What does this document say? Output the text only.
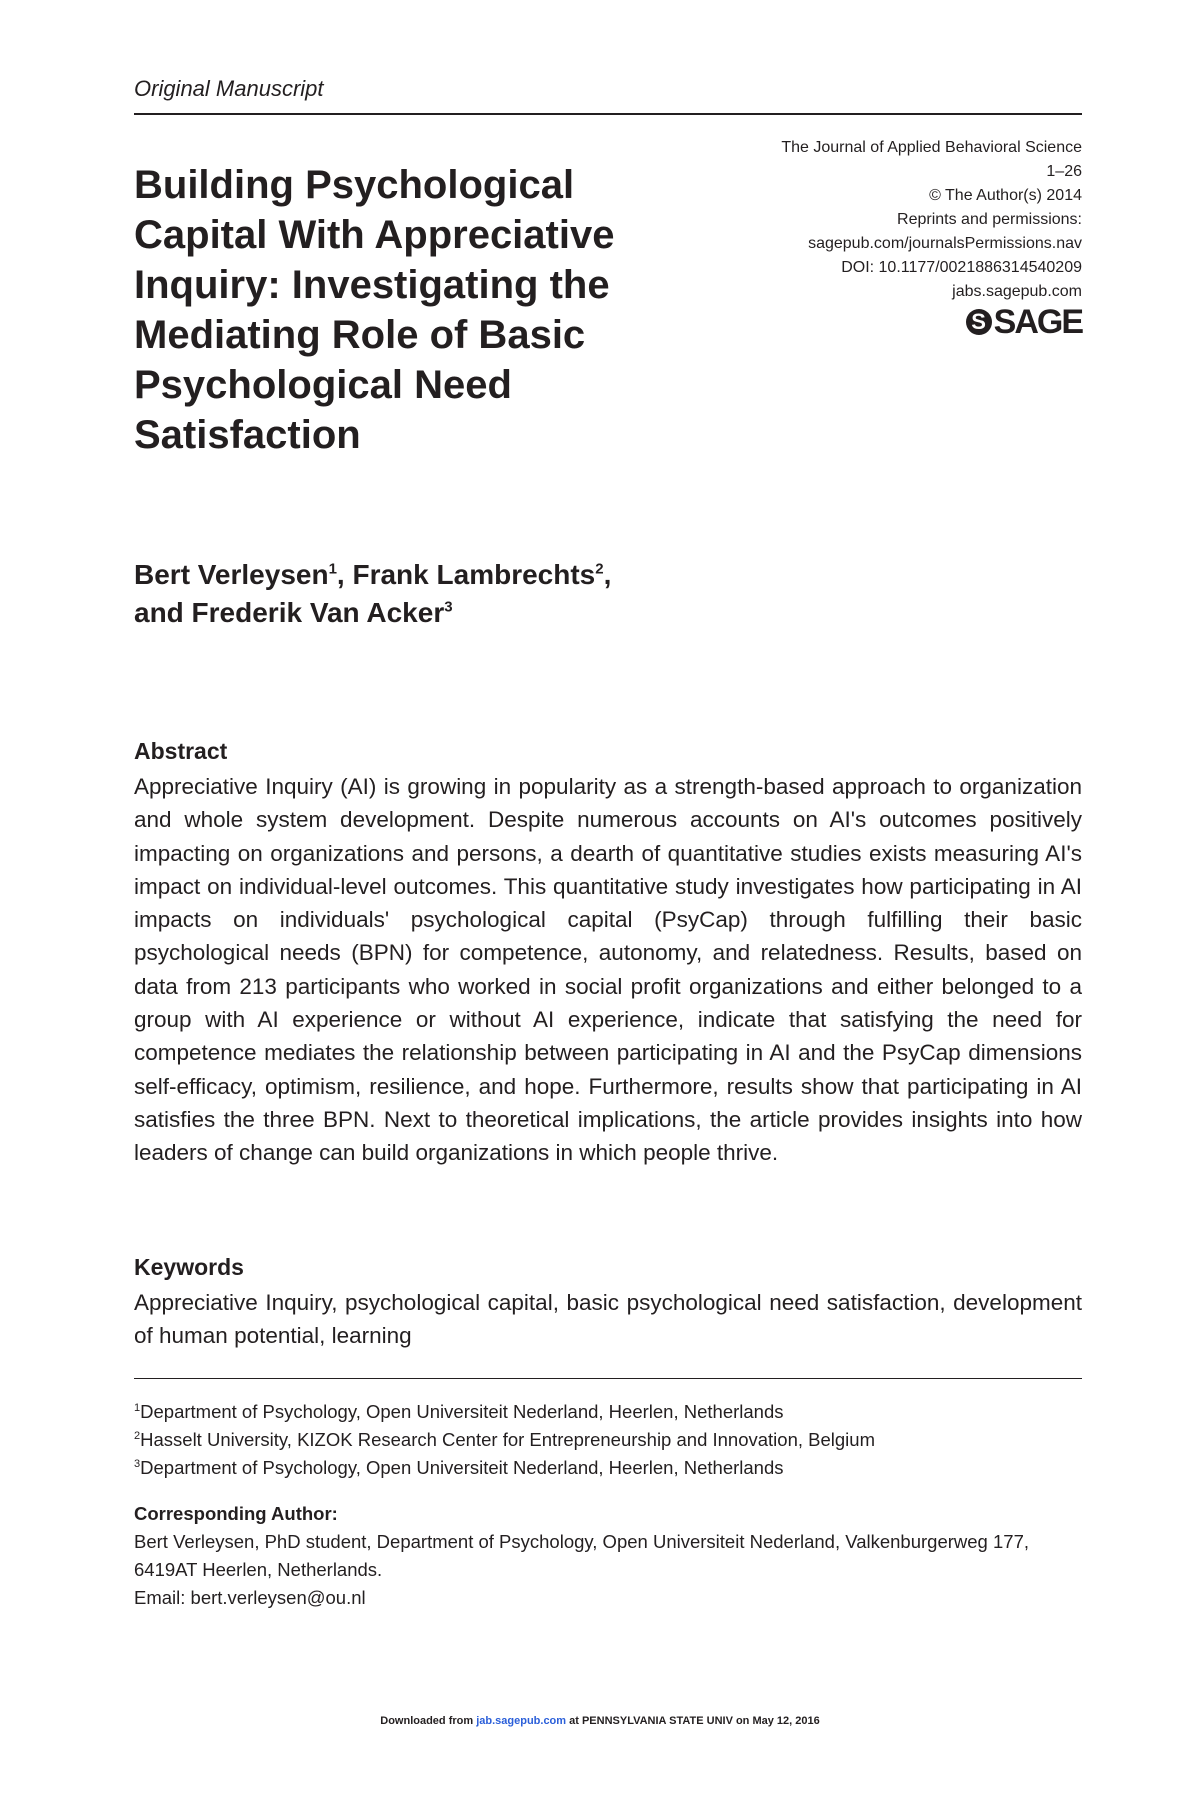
Original Manuscript
The Journal of Applied Behavioral Science
1–26
© The Author(s) 2014
Reprints and permissions:
sagepub.com/journalsPermissions.nav
DOI: 10.1177/0021886314540209
jabs.sagepub.com
S SAGE
Building Psychological Capital With Appreciative Inquiry: Investigating the Mediating Role of Basic Psychological Need Satisfaction
Bert Verleysen$^1$, Frank Lambrechts$^2$,
and Frederik Van Acker$^3$
Abstract

Appreciative Inquiry (AI) is growing in popularity as a strength-based approach to organization and whole system development. Despite numerous accounts on AI's outcomes positively impacting on organizations and persons, a dearth of quantitative studies exists measuring AI's impact on individual-level outcomes. This quantitative study investigates how participating in AI impacts on individuals' psychological capital (PsyCap) through fulfilling their basic psychological needs (BPN) for competence, autonomy, and relatedness. Results, based on data from 213 participants who worked in social profit organizations and either belonged to a group with AI experience or without AI experience, indicate that satisfying the need for competence mediates the relationship between participating in AI and the PsyCap dimensions self-efficacy, optimism, resilience, and hope. Furthermore, results show that participating in AI satisfies the three BPN. Next to theoretical implications, the article provides insights into how leaders of change can build organizations in which people thrive.

Keywords

Appreciative Inquiry, psychological capital, basic psychological need satisfaction, development of human potential, learning

$^1$Department of Psychology, Open Universiteit Nederland, Heerlen, Netherlands
$^2$Hasselt University, KIZOK Research Center for Entrepreneurship and Innovation, Belgium
$^3$Department of Psychology, Open Universiteit Nederland, Heerlen, Netherlands
Corresponding Author:
Bert Verleysen, PhD student, Department of Psychology, Open Universiteit Nederland, Valkenburgerweg 177, 6419AT Heerlen, Netherlands.
Email: bert.verleysen@ou.nl
Downloaded from jab.sagepub.com at PENNSYLVANIA STATE UNIV on May 12, 2016
